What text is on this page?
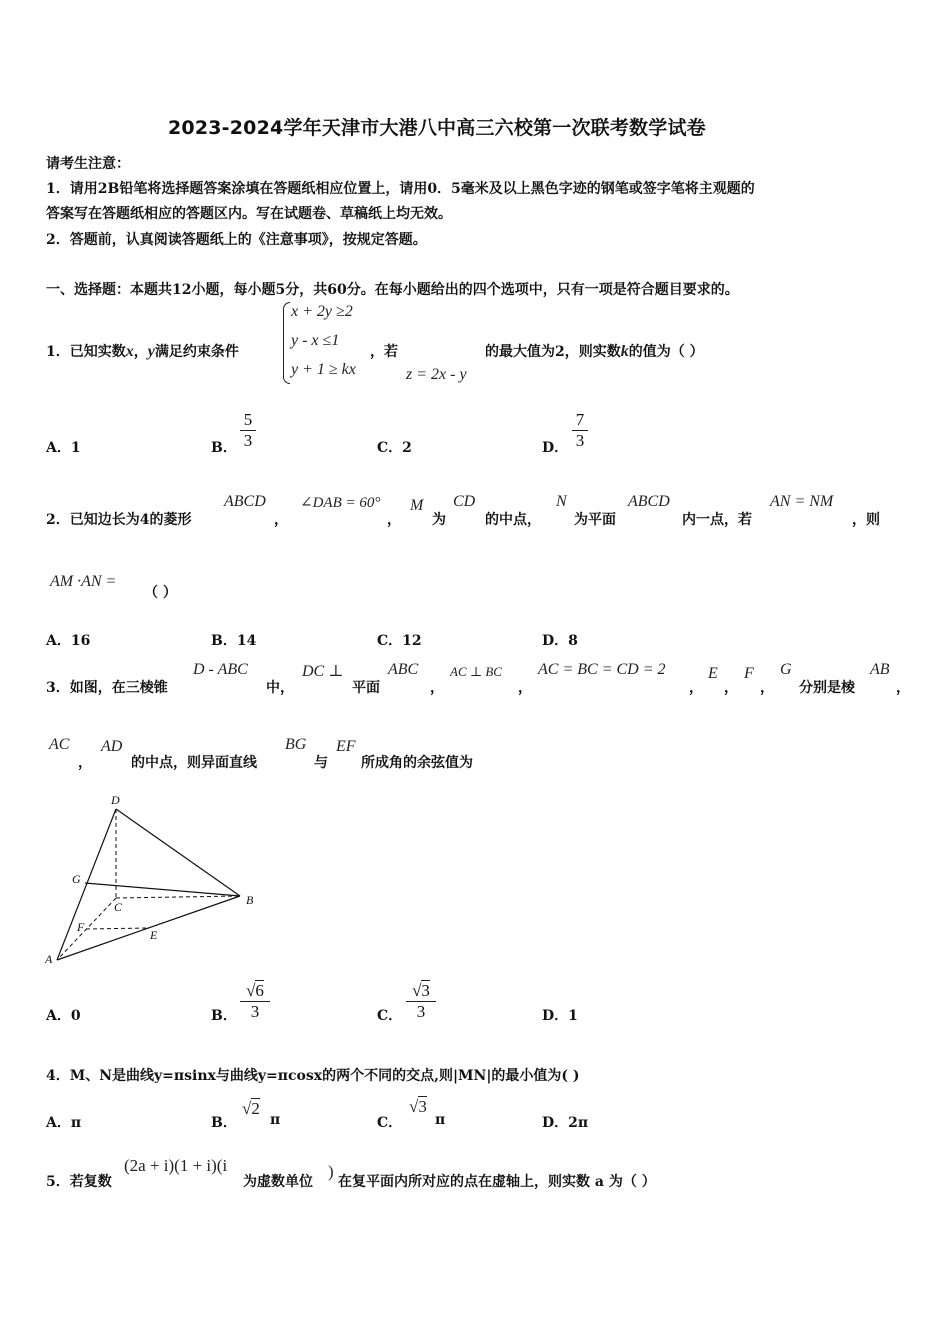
2023-2024学年天津市大港八中高三六校第一次联考数学试卷
请考生注意：
1．请用2B铅笔将选择题答案涂填在答题纸相应位置上，请用0．5毫米及以上黑色字迹的钢笔或签字笔将主观题的
答案写在答题纸相应的答题区内。写在试题卷、草稿纸上均无效。
2．答题前，认真阅读答题纸上的《注意事项》，按规定答题。
一、选择题：本题共12小题，每小题5分，共60分。在每小题给出的四个选项中，只有一项是符合题目要求的。
1．已知实数x，y满足约束条件
x + 2y ≥2
y - x ≤1
y + 1 ≥ kx
，若
z = 2x - y
的最大值为2，则实数k的值为（ ）
A．1	B．
5
3	C．2	D．
7
3
2．已知边长为4的菱形
ABCD
，
∠DAB = 60°
，
M
为
CD
的中点，
N
为平面
ABCD
内一点，若
AN = NM
，则
AM ·AN =
（ ）
A．16	B．14	C．12	D．8
3．如图，在三棱锥
D - ABC
中，
DC ⊥
平面
ABC
，
AC ⊥ BC
，
AC = BC = CD = 2
，
E
，
F
，
G
分别是棱
AB
，
AC
，
AD
的中点，则异面直线
BG
与
EF
所成角的余弦值为
D
G
C	B
F
E
A
A．0	B．
√6
3	C．
√3
3	D．1
4．M、N是曲线y=πsinx与曲线y=πcosx的两个不同的交点,则|MN|的最小值为( )
A．π	B．
√2
π	C．
√3
π	D．2π
5．若复数
(2a + i)(1 + i)(i
为虚数单位
)
在复平面内所对应的点在虚轴上，则实数 a 为（ ）
